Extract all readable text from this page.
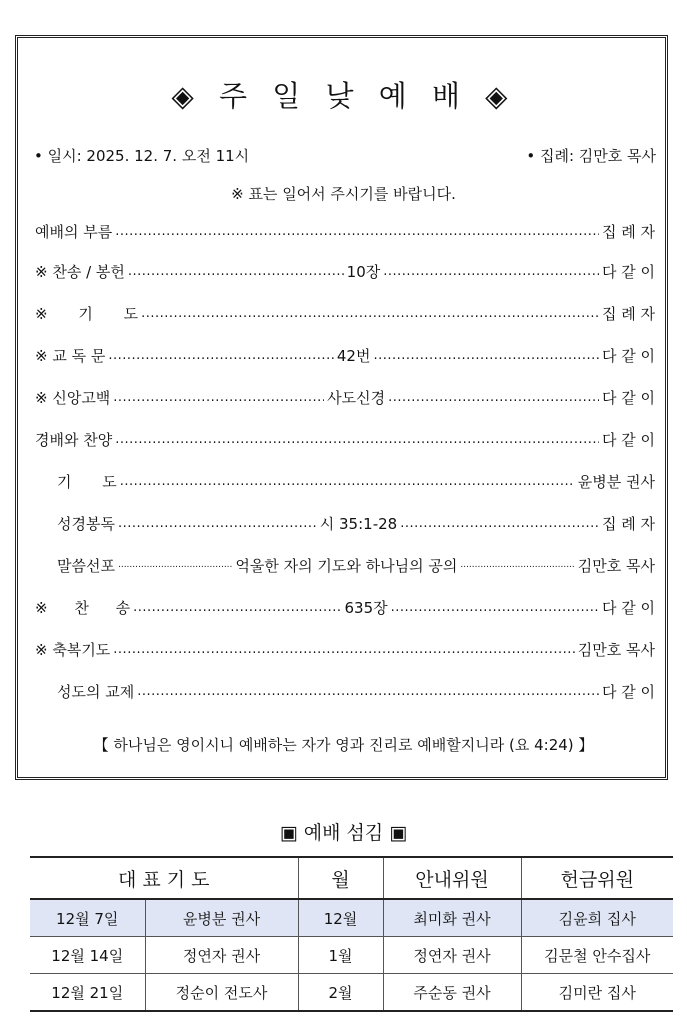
◈ 주 일 낮 예 배 ◈
• 일시: 2025. 12. 7. 오전 11시	• 집례: 김만호 목사
※ 표는 일어서 주시기를 바랍니다.
예배의 부름 .....	집 례 자
※ 찬송 / 봉헌 .....	10장 .....	다 같 이
※ 기 도 .....	집 례 자
※ 교 독 문 .....	42번 .....	다 같 이
※ 신앙고백 .....	사도신경 .....	다 같 이
경배와 찬양 .....	다 같 이
기 도 .....	윤병분 권사
성경봉독 .....	시 35:1-28 .....	집 례 자
말씀선포 .....	억울한 자의 기도와 하나님의 공의 .....	김만호 목사
※ 찬 송 .....	635장 .....	다 같 이
※ 축복기도 .....	김만호 목사
성도의 교제 .....	다 같 이
【 하나님은 영이시니 예배하는 자가 영과 진리로 예배할지니라 (요 4:24) 】
▣ 예배 섬김 ▣
대 표 기 도		월	안내위원	헌금위원
12월 7일	윤병분 권사	12월	최미화 권사	김윤희 집사
12월 14일	정연자 권사	1월	정연자 권사	김문철 안수집사
12월 21일	정순이 전도사	2월	주순동 권사	김미란 집사
